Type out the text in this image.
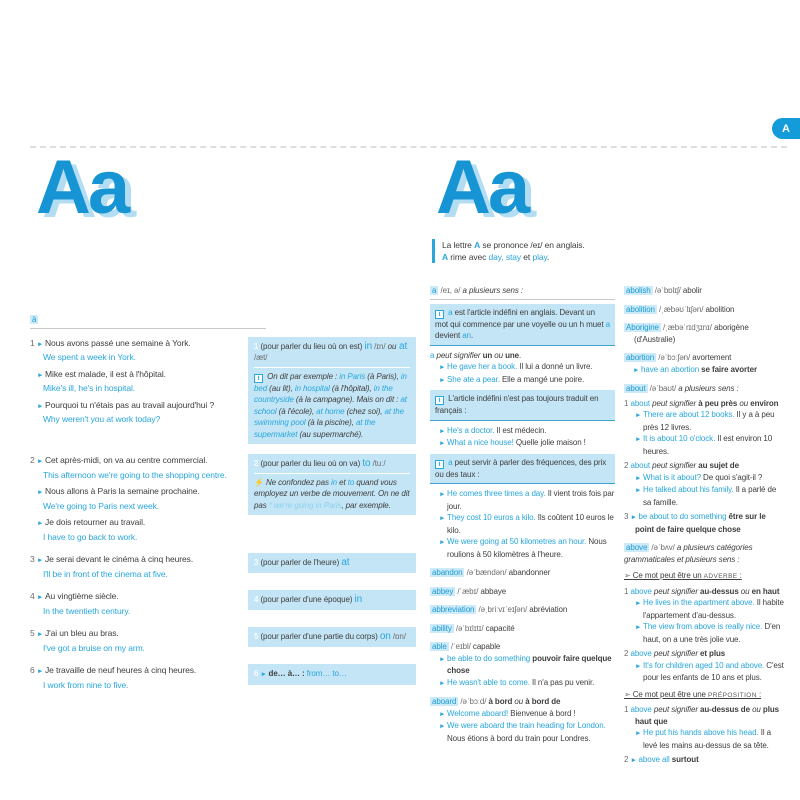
A
Aa
à
1 ► Nous avons passé une semaine à York.
We spent a week in York.
► Mike est malade, il est à l'hôpital.
Mike's ill, he's in hospital.
► Pourquoi tu n'étais pas au travail aujourd'hui ?
Why weren't you at work today?
1 (pour parler du lieu où on est) in /ɪn/ ou at /æt/
i On dit par exemple : in Paris (à Paris), in bed (au lit), in hospital (à l'hôpital), in the countryside (à la campagne). Mais on dit : at school (à l'école), at home (chez soi), at the swimming pool (à la piscine), at the supermarket (au supermarché).
2 ► Cet après-midi, on va au centre commercial.
This afternoon we're going to the shopping centre.
► Nous allons à Paris la semaine prochaine.
We're going to Paris next week.
► Je dois retourner au travail.
I have to go back to work.
2 (pour parler du lieu où on va) to /tuː/
⚡ Ne confondez pas in et to quand vous employez un verbe de mouvement. On ne dit pas * we're going in Paris, par exemple.
3 ► Je serai devant le cinéma à cinq heures.
I'll be in front of the cinema at five.
3 (pour parler de l'heure) at
4 ► Au vingtième siècle.
In the twentieth century.
4 (pour parler d'une époque) in
5 ► J'ai un bleu au bras.
I've got a bruise on my arm.
5 (pour parler d'une partie du corps) on /ɒn/
6 ► Je travaille de neuf heures à cinq heures.
I work from nine to five.
6 ► de… à… : from… to…
Aa
La lettre A se prononce /eɪ/ en anglais.
A rime avec day, stay et play.
a /eɪ, ə/ a plusieurs sens :
i a est l'article indéfini en anglais. Devant un mot qui commence par une voyelle ou un h muet a devient an.
a peut signifier un ou une.
► He gave her a book. Il lui a donné un livre.
► She ate a pear. Elle a mangé une poire.
i L'article indéfini n'est pas toujours traduit en français :
► He's a doctor. Il est médecin.
► What a nice house! Quelle jolie maison !
i a peut servir à parler des fréquences, des prix ou des taux :
► He comes three times a day. Il vient trois fois par jour.
► They cost 10 euros a kilo. Ils coûtent 10 euros le kilo.
► We were going at 50 kilometres an hour. Nous roulions à 50 kilomètres à l'heure.
abandon /əˈbændən/ abandonner
abbey /ˈæbɪ/ abbaye
abbreviation /əˌbriːvɪˈeɪʃən/ abréviation
ability /əˈbɪlɪtɪ/ capacité
able /ˈeɪbl/ capable
► be able to do something pouvoir faire quelque chose
► He wasn't able to come. Il n'a pas pu venir.
aboard /əˈbɔːd/ à bord ou à bord de
► Welcome aboard! Bienvenue à bord !
► We were aboard the train heading for London. Nous étions à bord du train pour Londres.
abolish /əˈbɒlɪʃ/ abolir
abolition /ˌæbəʊˈlɪʃən/ abolition
Aborigine /ˌæbəˈrɪdʒɪnɪ/ aborigène
(d'Australie)
abortion /əˈbɔːʃən/ avortement
► have an abortion se faire avorter
about /əˈbaʊt/ a plusieurs sens :
1 about peut signifier à peu près ou environ
► There are about 12 books. Il y a à peu près 12 livres.
► It is about 10 o'clock. Il est environ 10 heures.
2 about peut signifier au sujet de
► What is it about? De quoi s'agit-il ?
► He talked about his family. Il a parlé de sa famille.
3 ► be about to do something être sur le point de faire quelque chose
above /əˈbʌv/ a plusieurs catégories grammaticales et plusieurs sens :
➢ Ce mot peut être un ADVERBE :
1 above peut signifier au-dessus ou en haut
► He lives in the apartment above. Il habite l'appartement d'au-dessus.
► The view from above is really nice. D'en haut, on a une très jolie vue.
2 above peut signifier et plus
► It's for children aged 10 and above. C'est pour les enfants de 10 ans et plus.
➢ Ce mot peut être une PRÉPOSITION :
1 above peut signifier au-dessus de ou plus haut que
► He put his hands above his head. Il a levé les mains au-dessus de sa tête.
2 ► above all surtout
